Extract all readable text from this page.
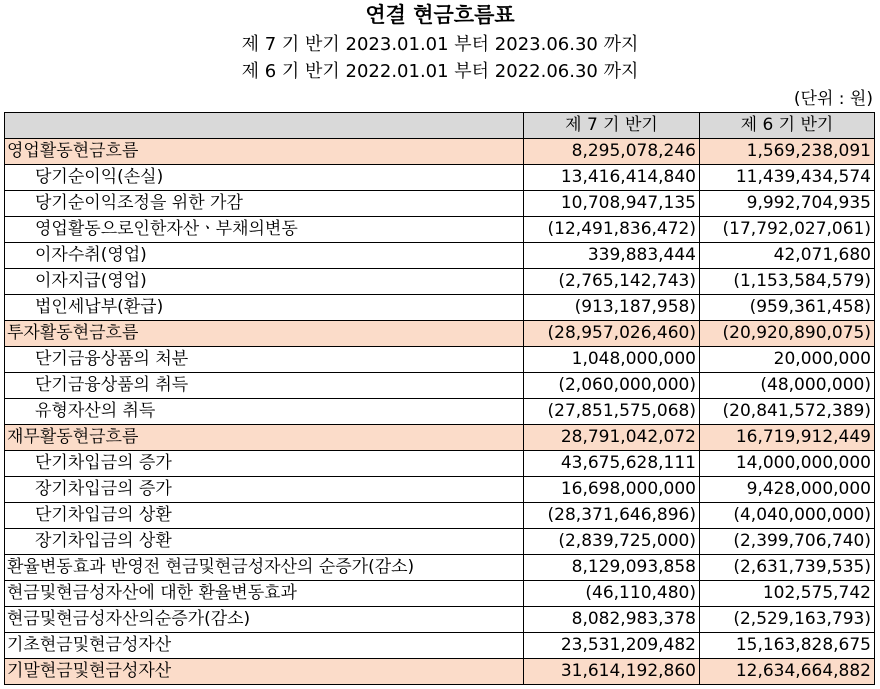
연결 현금흐름표
제 7 기 반기 2023.01.01 부터 2023.06.30 까지
제 6 기 반기 2022.01.01 부터 2022.06.30 까지
(단위 : 원)
	제 7 기 반기	제 6 기 반기
영업활동현금흐름	8,295,078,246	1,569,238,091
당기순이익(손실)	13,416,414,840	11,439,434,574
당기순이익조정을 위한 가감	10,708,947,135	9,992,704,935
영업활동으로인한자산ㆍ부채의변동	(12,491,836,472)	(17,792,027,061)
이자수취(영업)	339,883,444	42,071,680
이자지급(영업)	(2,765,142,743)	(1,153,584,579)
법인세납부(환급)	(913,187,958)	(959,361,458)
투자활동현금흐름	(28,957,026,460)	(20,920,890,075)
단기금융상품의 처분	1,048,000,000	20,000,000
단기금융상품의 취득	(2,060,000,000)	(48,000,000)
유형자산의 취득	(27,851,575,068)	(20,841,572,389)
재무활동현금흐름	28,791,042,072	16,719,912,449
단기차입금의 증가	43,675,628,111	14,000,000,000
장기차입금의 증가	16,698,000,000	9,428,000,000
단기차입금의 상환	(28,371,646,896)	(4,040,000,000)
장기차입금의 상환	(2,839,725,000)	(2,399,706,740)
환율변동효과 반영전 현금및현금성자산의 순증가(감소)	8,129,093,858	(2,631,739,535)
현금및현금성자산에 대한 환율변동효과	(46,110,480)	102,575,742
현금및현금성자산의순증가(감소)	8,082,983,378	(2,529,163,793)
기초현금및현금성자산	23,531,209,482	15,163,828,675
기말현금및현금성자산	31,614,192,860	12,634,664,882
